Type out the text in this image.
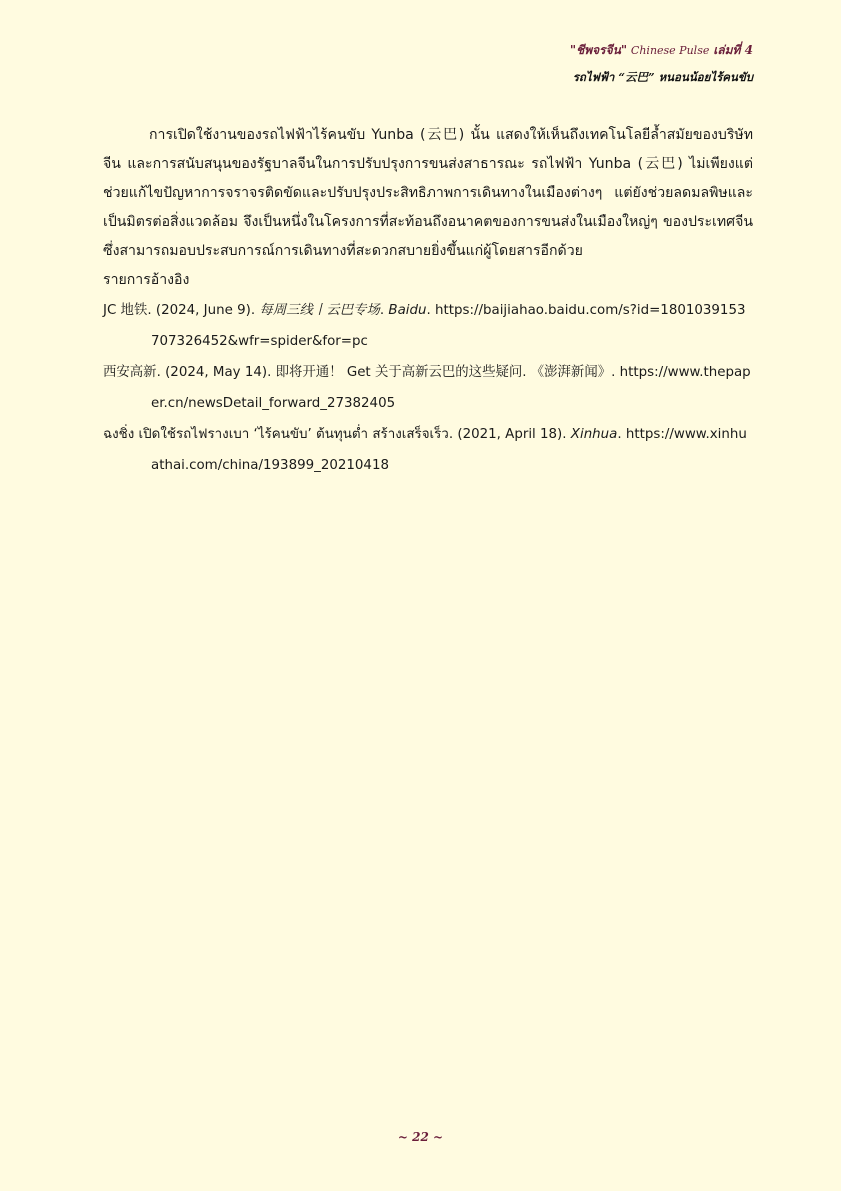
"ชีพจรจีน" Chinese Pulse เล่มที่ 4
รถไฟฟ้า “云巴” หนอนน้อยไร้คนขับ

การเปิดใช้งานของรถไฟฟ้าไร้คนขับ Yunba (云巴) นั้น แสดงให้เห็นถึงเทคโนโลยีล้ำสมัยของบริษัทจีน และการสนับสนุนของรัฐบาลจีนในการปรับปรุงการขนส่งสาธารณะ รถไฟฟ้า Yunba (云巴) ไม่เพียงแต่ช่วยแก้ไขปัญหาการจราจรติดขัดและปรับปรุงประสิทธิภาพการเดินทางในเมืองต่างๆ แต่ยังช่วยลดมลพิษและเป็นมิตรต่อสิ่งแวดล้อม จึงเป็นหนึ่งในโครงการที่สะท้อนถึงอนาคตของการขนส่งในเมืองใหญ่ๆ ของประเทศจีน ซึ่งสามารถมอบประสบการณ์การเดินทางที่สะดวกสบายยิ่งขึ้นแก่ผู้โดยสารอีกด้วย

รายการอ้างอิง

JC 地铁. (2024, June 9). 每周三线丨云巴专场. Baidu. https://baijiahao.baidu.com/s?id=1801039153707326452&wfr=spider&for=pc
西安高新. (2024, May 14). 即将开通！ Get 关于高新云巴的这些疑问. 《澎湃新闻》. https://www.thepaper.cn/newsDetail_forward_27382405
ฉงชิ่ง เปิดใช้รถไฟรางเบา ‘ไร้คนขับ’ ต้นทุนต่ำ สร้างเสร็จเร็ว. (2021, April 18). Xinhua. https://www.xinhuathai.com/china/193899_20210418
~ 22 ~
